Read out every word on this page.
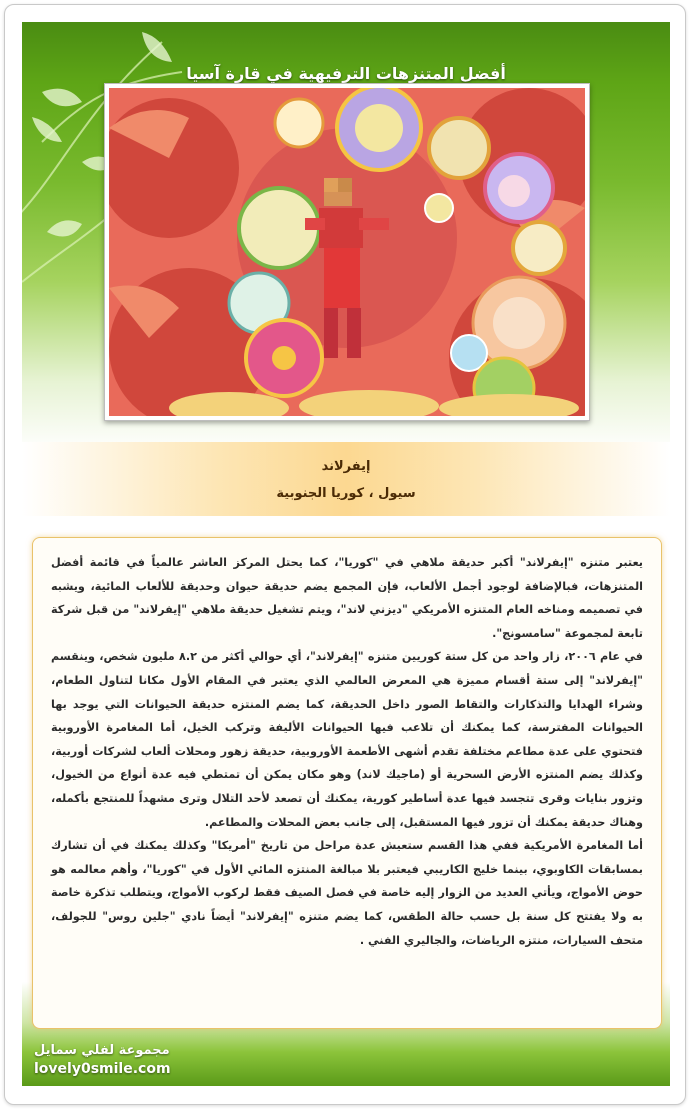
أفضل المتنزهات الترفيهية في قارة آسيا
إيفرلاند
سيول ، كوريا الجنوبية

يعتبر متنزه "إيفرلاند" أكبر حديقة ملاهي في "كوريا"، كما يحتل المركز العاشر عالمياً في قائمة أفضل المتنزهات، فبالإضافة لوجود أجمل الألعاب، فإن المجمع يضم حديقة حيوان وحديقة للألعاب المائية، ويشبه في تصميمه ومناخه العام المتنزه الأمريكي "ديزني لاند"، ويتم تشغيل حديقة ملاهي "إيفرلاند" من قبل شركة تابعة لمجموعة "سامسونج".

في عام ٢٠٠٦، زار واحد من كل ستة كوريين متنزه "إيفرلاند"، أي حوالي أكثر من ٨.٢ مليون شخص، وينقسم "إيفرلاند" إلى ستة أقسام مميزة هي المعرض العالمي الذي يعتبر في المقام الأول مكانا لتناول الطعام، وشراء الهدايا والتذكارات والتقاط الصور داخل الحديقة، كما يضم المنتزه حديقة الحيوانات التي يوجد بها الحيوانات المفترسة، كما يمكنك أن تلاعب فيها الحيوانات الأليفة وتركب الخيل، أما المغامرة الأوروبية فتحتوي على عدة مطاعم مختلفة تقدم أشهى الأطعمة الأوروبية، حديقة زهور ومحلات ألعاب لشركات أوربية، وكذلك يضم المنتزه الأرض السحرية أو (ماجيك لاند) وهو مكان يمكن أن تمتطي فيه عدة أنواع من الخيول، وتزور بنايات وقرى تتجسد فيها عدة أساطير كورية، يمكنك أن تصعد لأحد التلال وترى مشهداً للمنتجع بأكمله، وهناك حديقة يمكنك أن تزور فيها المستقبل، إلى جانب بعض المحلات والمطاعم.

أما المغامرة الأمريكية ففي هذا القسم ستعيش عدة مراحل من تاريخ "أمريكا" وكذلك يمكنك في أن تشارك بمسابقات الكاوبوي، بينما خليج الكاريبي فيعتبر بلا مبالغة المنتزه المائي الأول في "كوريا"، وأهم معالمه هو حوض الأمواج، ويأتي العديد من الزوار إليه خاصة في فصل الصيف فقط لركوب الأمواج، ويتطلب تذكرة خاصة به ولا يفتتح كل سنة بل حسب حالة الطقس، كما يضم متنزه "إيفرلاند" أيضاً نادي "جلين روس" للجولف، متحف السيارات، منتزه الرياضات، والجاليري الفني .

مجموعة لفلي سمايل
lovely0smile.com
